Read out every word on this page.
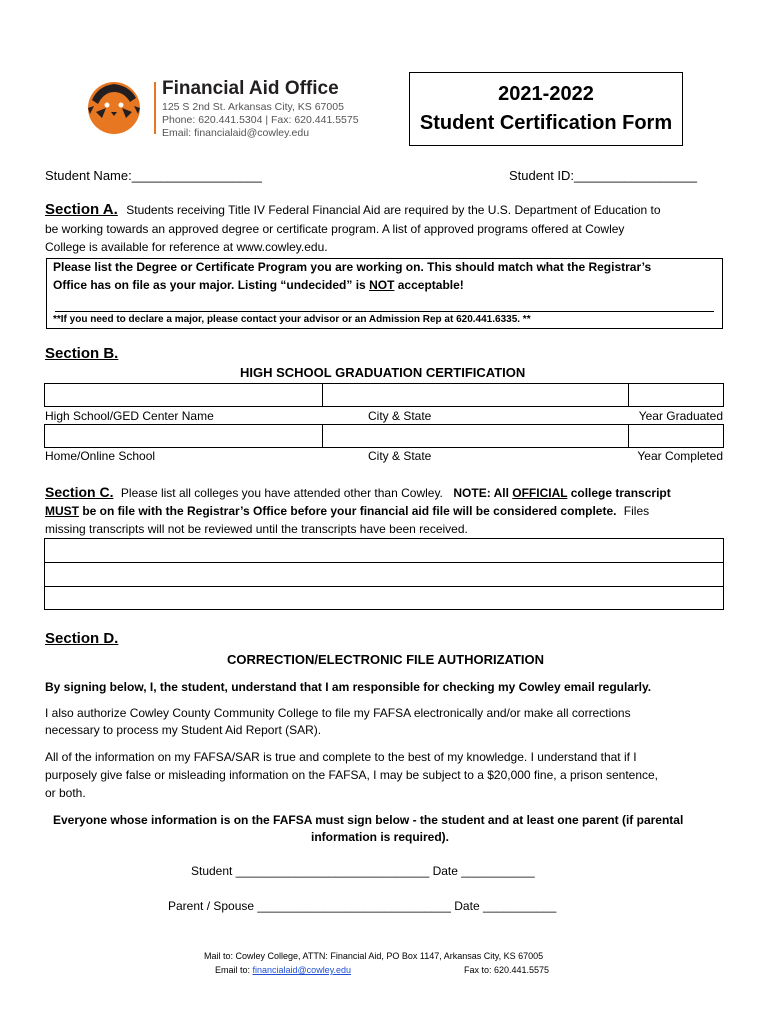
Financial Aid Office
125 S 2nd St. Arkansas City, KS 67005
Phone: 620.441.5304 | Fax: 620.441.5575
Email: financialaid@cowley.edu
2021-2022
Student Certification Form
Student Name:__________________	Student ID:_________________
Section A. Students receiving Title IV Federal Financial Aid are required by the U.S. Department of Education to
be working towards an approved degree or certificate program. A list of approved programs offered at Cowley
College is available for reference at www.cowley.edu.
Please list the Degree or Certificate Program you are working on. This should match what the Registrar’s
Office has on file as your major. Listing “undecided” is NOT acceptable!
**If you need to declare a major, please contact your advisor or an Admission Rep at 620.441.6335. **
Section B.
HIGH SCHOOL GRADUATION CERTIFICATION
High School/GED Center Name	City & State	Year Graduated
Home/Online School	City & State	Year Completed
Section C. Please list all colleges you have attended other than Cowley. NOTE: All OFFICIAL college transcript
MUST be on file with the Registrar’s Office before your financial aid file will be considered complete. Files
missing transcripts will not be reviewed until the transcripts have been received.
Section D.
CORRECTION/ELECTRONIC FILE AUTHORIZATION
By signing below, I, the student, understand that I am responsible for checking my Cowley email regularly.
I also authorize Cowley County Community College to file my FAFSA electronically and/or make all corrections
necessary to process my Student Aid Report (SAR).
All of the information on my FAFSA/SAR is true and complete to the best of my knowledge. I understand that if I
purposely give false or misleading information on the FAFSA, I may be subject to a $20,000 fine, a prison sentence,
or both.
Everyone whose information is on the FAFSA must sign below - the student and at least one parent (if parental
information is required).
Student _____________________________ Date ___________
Parent / Spouse _____________________________ Date ___________
Mail to: Cowley College, ATTN: Financial Aid, PO Box 1147, Arkansas City, KS 67005
Email to: financialaid@cowley.edu	Fax to: 620.441.5575
